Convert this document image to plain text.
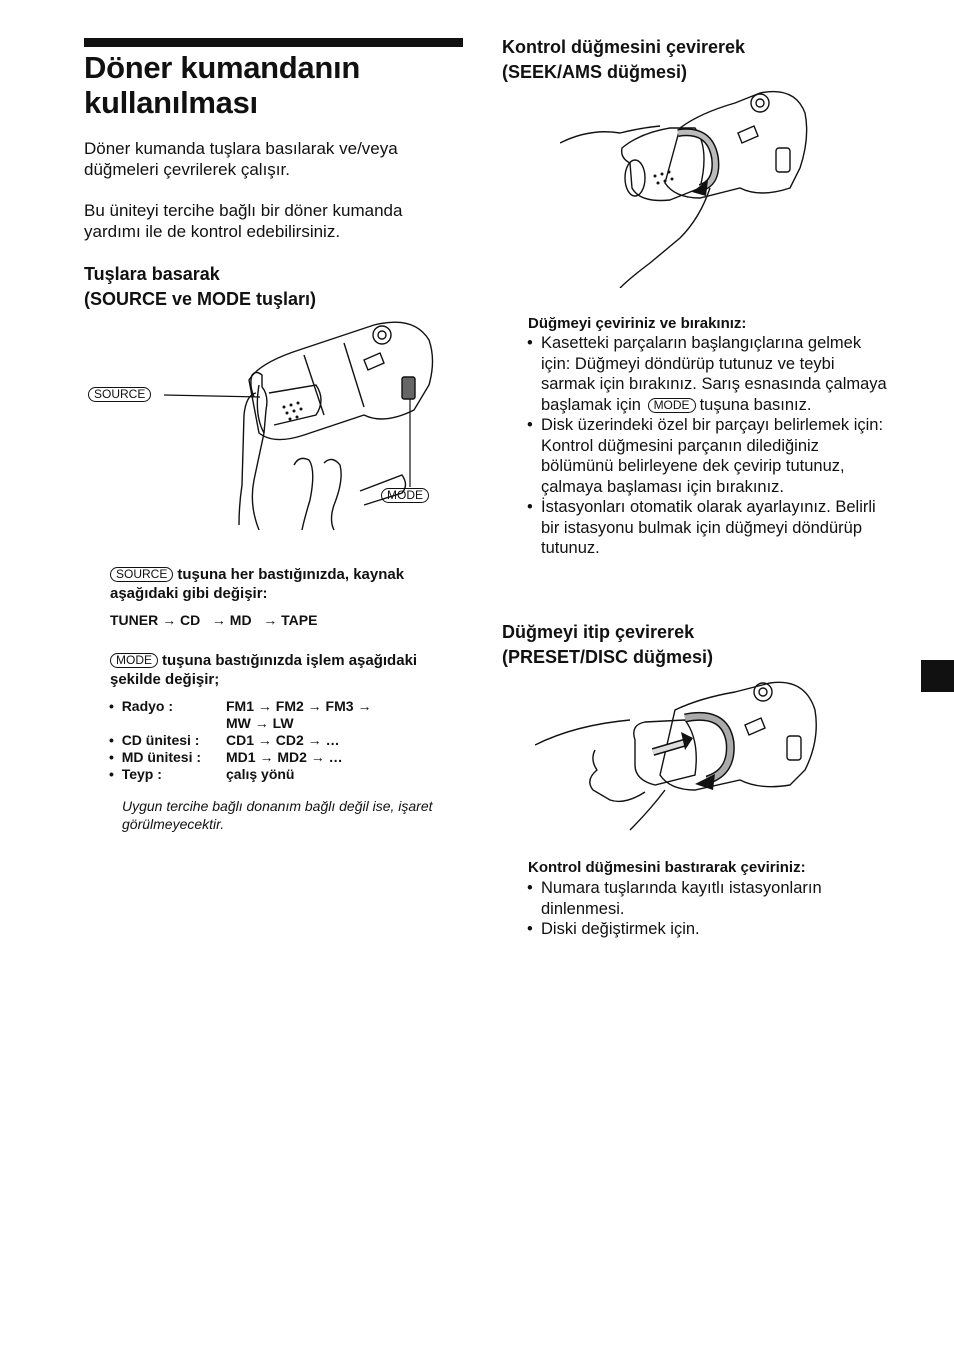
Döner kumandanın kullanılması
Döner kumanda tuşlara basılarak ve/veya düğmeleri çevrilerek çalışır.
Bu üniteyi tercihe bağlı bir döner kumanda yardımı ile de kontrol edebilirsiniz.
Tuşlara basarak
(SOURCE ve MODE tuşları)
SOURCE
MODE
SOURCE tuşuna her bastığınızda, kaynak aşağıdaki gibi değişir:
TUNER → CD   → MD   → TAPE
MODE tuşuna bastığınızda işlem aşağıdaki şekilde değişir;
•  Radyo :	FM1 → FM2 → FM3 →
MW → LW
•  CD ünitesi : CD1 → CD2 → …
•  MD ünitesi : MD1 → MD2 → …
•  Teyp :	çalış yönü
Uygun tercihe bağlı donanım bağlı değil ise, işaret görülmeyecektir.
Kontrol düğmesini çevirerek
(SEEK/AMS düğmesi)
Düğmeyi çeviriniz ve bırakınız:
• Kasetteki parçaların başlangıçlarına gelmek için: Düğmeyi döndürüp tutunuz ve teybi sarmak için bırakınız. Sarış esnasında çalmaya başlamak için MODE tuşuna basınız.
• Disk üzerindeki özel bir parçayı belirlemek için: Kontrol düğmesini parçanın dilediğiniz bölümünü belirleyene dek çevirip tutunuz, çalmaya başlaması için bırakınız.
• İstasyonları otomatik olarak ayarlayınız. Belirli bir istasyonu bulmak için düğmeyi döndürüp tutunuz.
Düğmeyi itip çevirerek
(PRESET/DISC düğmesi)
Kontrol düğmesini bastırarak çeviriniz:
• Numara tuşlarında kayıtlı istasyonların dinlenmesi.
• Diski değiştirmek için.
